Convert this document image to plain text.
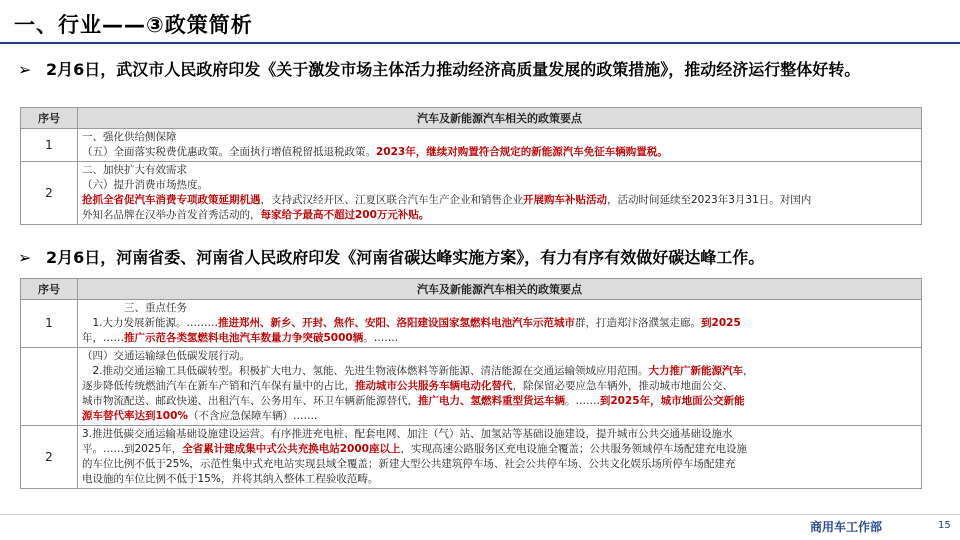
一、行业——③政策简析
➢ 2月6日，武汉市人民政府印发《关于激发市场主体活力推动经济高质量发展的政策措施》，推动经济运行整体好转。
序号	汽车及新能源汽车相关的政策要点
1	一、强化供给侧保障
（五）全面落实税费优惠政策。全面执行增值税留抵退税政策。2023年，继续对购置符合规定的新能源汽车免征车辆购置税。

2	二、加快扩大有效需求
（六）提升消费市场热度。
抢抓全省促汽车消费专项政策延期机遇，支持武汉经开区、江夏区联合汽车生产企业和销售企业开展购车补贴活动，活动时间延续至2023年3月31日。对国内
外知名品牌在汉举办首发首秀活动的，每家给予最高不超过200万元补贴。
➢ 2月6日，河南省委、河南省人民政府印发《河南省碳达峰实施方案》，有力有序有效做好碳达峰工作。
序号	汽车及新能源汽车相关的政策要点
1	　　　　三、重点任务
　1.大力发展新能源。………推进郑州、新乡、开封、焦作、安阳、洛阳建设国家氢燃料电池汽车示范城市群，打造郑汴洛濮氢走廊。到2025
年，……推广示范各类氢燃料电池汽车数量力争突破5000辆。…….

	（四）交通运输绿色低碳发展行动。
　2.推动交通运输工具低碳转型。积极扩大电力、氢能、先进生物液体燃料等新能源、清洁能源在交通运输领域应用范围。大力推广新能源汽车，
逐步降低传统燃油汽车在新车产销和汽车保有量中的占比，推动城市公共服务车辆电动化替代，除保留必要应急车辆外，推动城市地面公交、
城市物流配送、邮政快递、出租汽车、公务用车、环卫车辆新能源替代，推广电力、氢燃料重型货运车辆。…….到2025年，城市地面公交新能
源车替代率达到100%（不含应急保障车辆）…….

2	3.推进低碳交通运输基础设施建设运营。有序推进充电桩、配套电网、加注（气）站、加氢站等基础设施建设，提升城市公共交通基础设施水
平。……到2025年，全省累计建成集中式公共充换电站2000座以上，实现高速公路服务区充电设施全覆盖；公共服务领域停车场配建充电设施
的车位比例不低于25%，示范性集中式充电站实现县域全覆盖；新建大型公共建筑停车场、社会公共停车场、公共文化娱乐场所停车场配建充
电设施的车位比例不低于15%，并将其纳入整体工程验收范畴。
商用车工作部	15
